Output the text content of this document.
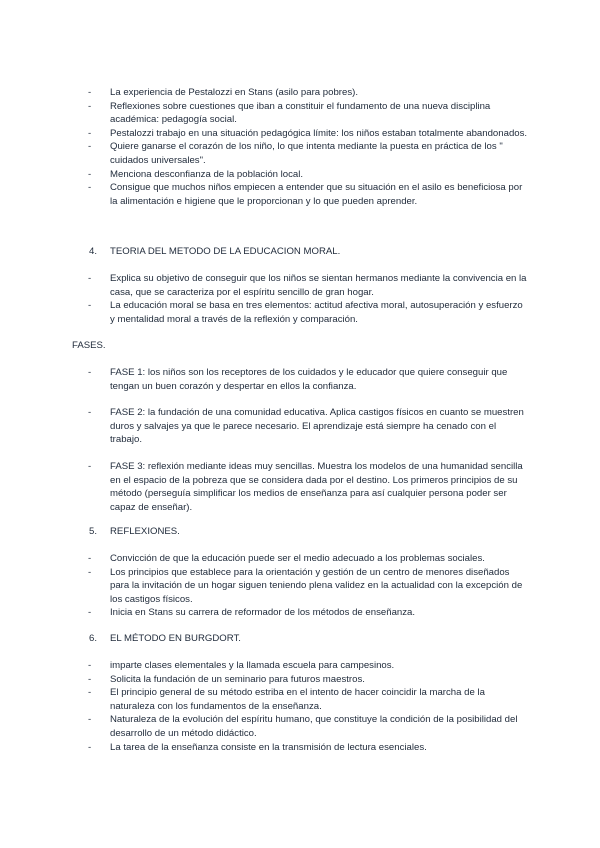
- La experiencia de Pestalozzi en Stans (asilo para pobres).
- Reflexiones sobre cuestiones que iban a constituir el fundamento de una nueva disciplina académica: pedagogía social.
- Pestalozzi trabajo en una situación pedagógica límite: los niños estaban totalmente abandonados.
- Quiere ganarse el corazón de los niño, lo que intenta mediante la puesta en práctica de los " cuidados universales".
- Menciona desconfianza de la población local.
- Consigue que muchos niños empiecen a entender que su situación en el asilo es beneficiosa por la alimentación e higiene que le proporcionan y lo que pueden aprender.
4. TEORIA DEL METODO DE LA EDUCACION MORAL.
- Explica su objetivo de conseguir que los niños se sientan hermanos mediante la convivencia en la casa, que se caracteriza por el espíritu sencillo de gran hogar.
- La educación moral se basa en tres elementos: actitud afectiva moral, autosuperación y esfuerzo y mentalidad moral a través de la reflexión y comparación.
FASES.
- FASE 1: los niños son los receptores de los cuidados y le educador que quiere conseguir que tengan un buen corazón y despertar en ellos la confianza.
- FASE 2: la fundación de una comunidad educativa. Aplica castigos físicos en cuanto se muestren duros y salvajes ya que le parece necesario. El aprendizaje está siempre ha cenado con el trabajo.
- FASE 3: reflexión mediante ideas muy sencillas. Muestra los modelos de una humanidad sencilla en el espacio de la pobreza que se considera dada por el destino. Los primeros principios de su método (perseguía simplificar los medios de enseñanza para así cualquier persona poder ser capaz de enseñar).
5. REFLEXIONES.
- Convicción de que la educación puede ser el medio adecuado a los problemas sociales.
- Los principios que establece para la orientación y gestión de un centro de menores diseñados para la invitación de un hogar siguen teniendo plena validez en la actualidad con la excepción de los castigos físicos.
- Inicia en Stans su carrera de reformador de los métodos de enseñanza.
6. EL MÉTODO EN BURGDORT.
- imparte clases elementales y la llamada escuela para campesinos.
- Solicita la fundación de un seminario para futuros maestros.
- El principio general de su método estriba en el intento de hacer coincidir la marcha de la naturaleza con los fundamentos de la enseñanza.
- Naturaleza de la evolución del espíritu humano, que constituye la condición de la posibilidad del desarrollo de un método didáctico.
- La tarea de la enseñanza consiste en la transmisión de lectura esenciales.
